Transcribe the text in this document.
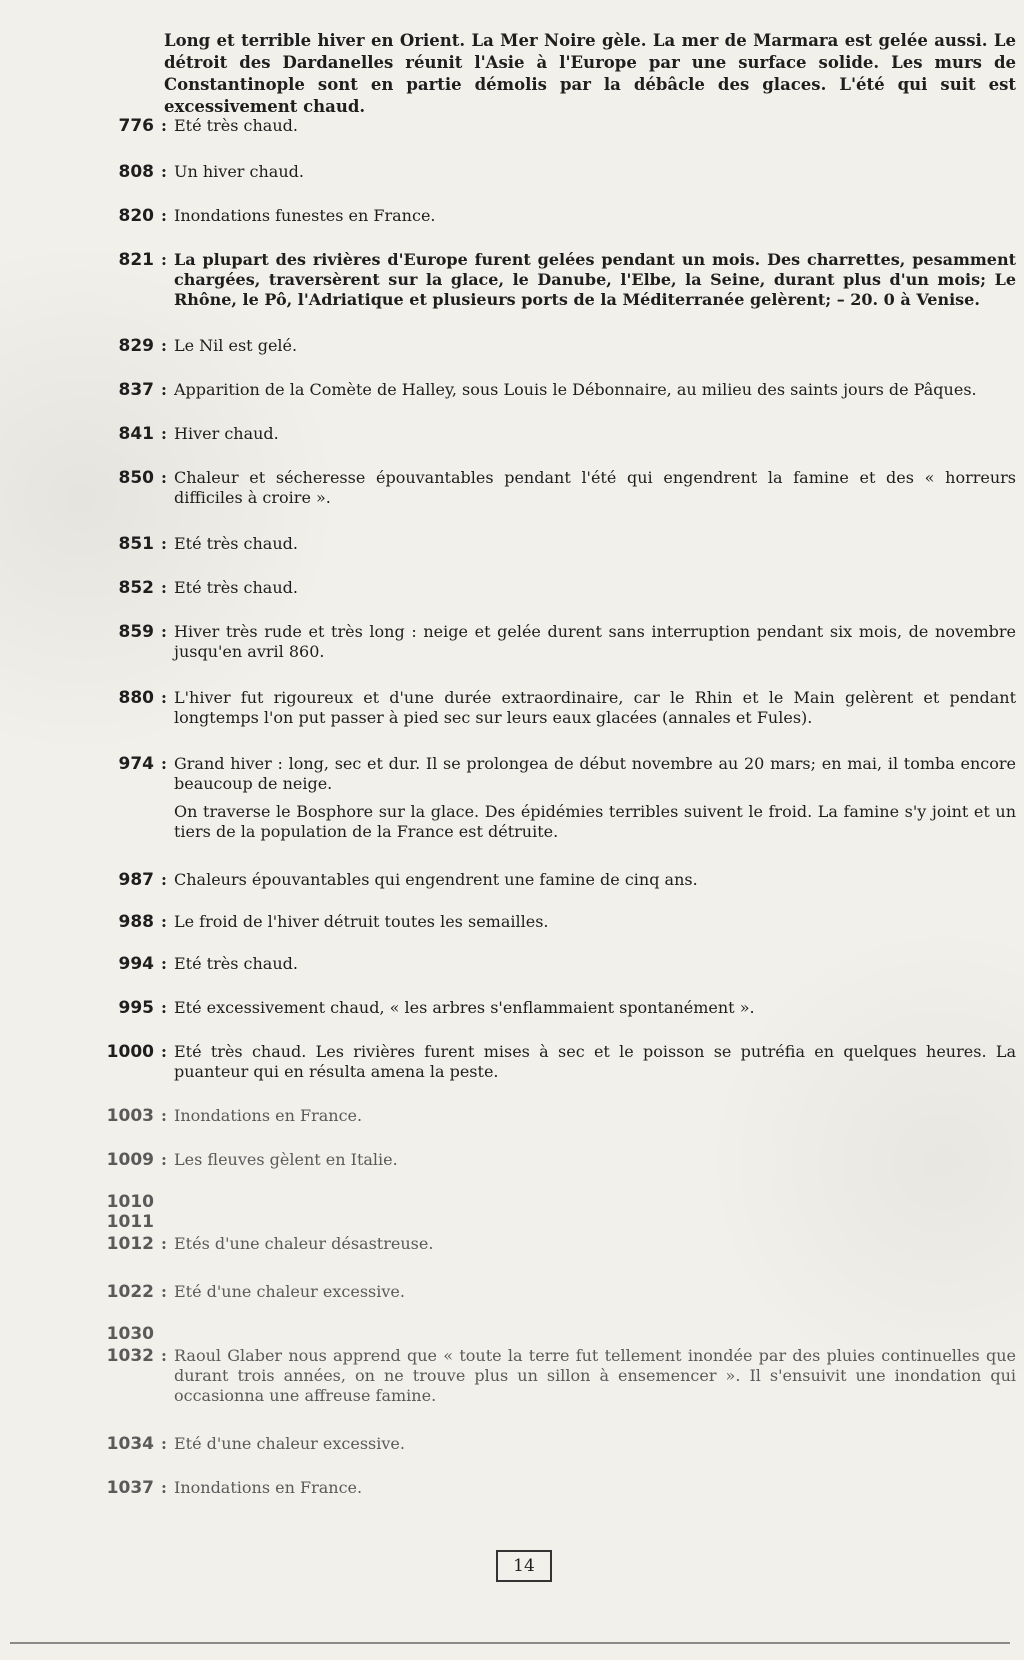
Long et terrible hiver en Orient. La Mer Noire gèle. La mer de Marmara est gelée aussi. Le détroit des Dardanelles réunit l'Asie à l'Europe par une surface solide. Les murs de Constantinople sont en partie démolis par la débâcle des glaces. L'été qui suit est excessivement chaud.
776 : Eté très chaud.

808 : Un hiver chaud.

820 : Inondations funestes en France.

821 : La plupart des rivières d'Europe furent gelées pendant un mois. Des charrettes, pesamment chargées, traversèrent sur la glace, le Danube, l'Elbe, la Seine, durant plus d'un mois; Le Rhône, le Pô, l'Adriatique et plusieurs ports de la Méditerranée gelèrent; – 20. 0 à Venise.

829 : Le Nil est gelé.

837 : Apparition de la Comète de Halley, sous Louis le Débonnaire, au milieu des saints jours de Pâques.

841 : Hiver chaud.

850 : Chaleur et sécheresse épouvantables pendant l'été qui engendrent la famine et des « horreurs difficiles à croire ».

851 : Eté très chaud.

852 : Eté très chaud.

859 : Hiver très rude et très long : neige et gelée durent sans interruption pendant six mois, de novembre jusqu'en avril 860.

880 : L'hiver fut rigoureux et d'une durée extraordinaire, car le Rhin et le Main gelèrent et pendant longtemps l'on put passer à pied sec sur leurs eaux glacées (annales et Fules).

974 : Grand hiver : long, sec et dur. Il se prolongea de début novembre au 20 mars; en mai, il tomba encore beaucoup de neige.

On traverse le Bosphore sur la glace. Des épidémies terribles suivent le froid. La famine s'y joint et un tiers de la population de la France est détruite.

987 : Chaleurs épouvantables qui engendrent une famine de cinq ans.

988 : Le froid de l'hiver détruit toutes les semailles.

994 : Eté très chaud.

995 : Eté excessivement chaud, « les arbres s'enflammaient spontanément ».

1000 : Eté très chaud. Les rivières furent mises à sec et le poisson se putréfia en quelques heures. La puanteur qui en résulta amena la peste.

1003 : Inondations en France.

1009 : Les fleuves gèlent en Italie.

1010
1011
1012 : Etés d'une chaleur désastreuse.

1022 : Eté d'une chaleur excessive.

1030
1032 : Raoul Glaber nous apprend que « toute la terre fut tellement inondée par des pluies continuelles que durant trois années, on ne trouve plus un sillon à ensemencer ». Il s'ensuivit une inondation qui occasionna une affreuse famine.

1034 : Eté d'une chaleur excessive.

1037 : Inondations en France.

14
